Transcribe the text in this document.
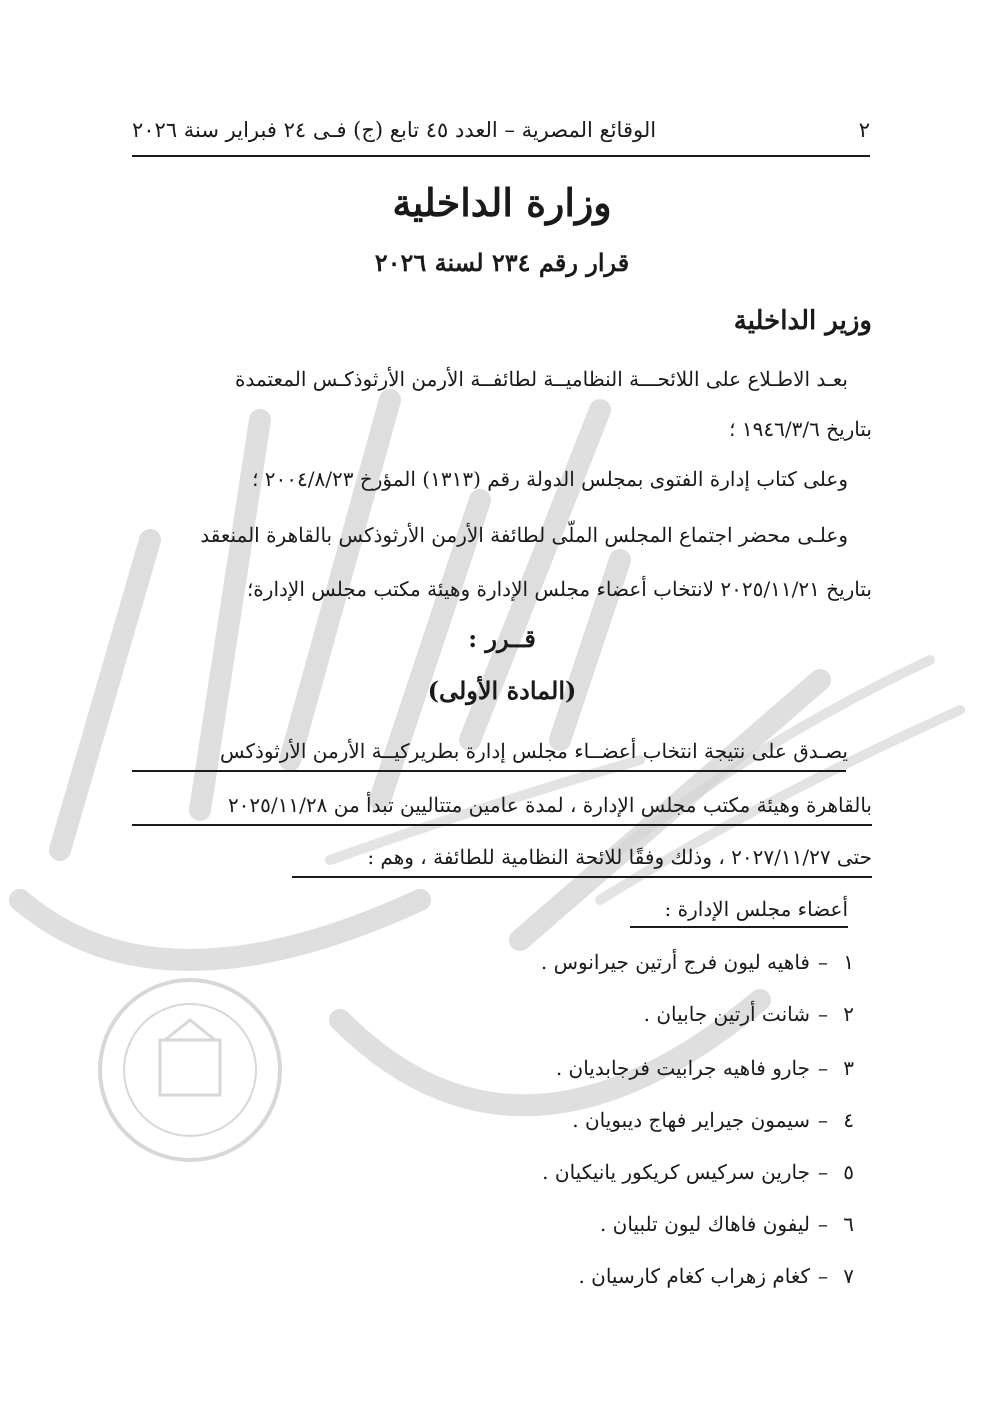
٢
الوقائع المصرية – العدد ٤٥ تابع (ج) فـى ٢٤ فبراير سنة ٢٠٢٦
وزارة الداخلية
قرار رقم ٢٣٤ لسنة ٢٠٢٦
وزير الداخلية
بعـد الاطـلاع على اللائحـــة النظاميــة لطائفــة الأرمن الأرثوذكـس المعتمدة
بتاريخ ١٩٤٦/٣/٦ ؛
وعلى كتاب إدارة الفتوى بمجلس الدولة رقم (١٣١٣) المؤرخ ٢٠٠٤/٨/٢٣ ؛
وعلـى محضر اجتماع المجلس الملّى لطائفة الأرمن الأرثوذكس بالقاهرة المنعقد
بتاريخ ٢٠٢٥/١١/٢١ لانتخاب أعضاء مجلس الإدارة وهيئة مكتب مجلس الإدارة؛
قــرر :
(المادة الأولى)
يصـدق على نتيجة انتخاب أعضــاء مجلس إدارة بطريركيــة الأرمن الأرثوذكس
بالقاهرة وهيئة مكتب مجلس الإدارة ، لمدة عامين متتاليين تبدأ من ٢٠٢٥/١١/٢٨
حتى ٢٠٢٧/١١/٢٧ ، وذلك وفقًا للائحة النظامية للطائفة ، وهم :
أعضاء مجلس الإدارة :
١–فاهيه ليون فرج أرتين جيرانوس .
٢–شانت أرتين جابيان .
٣–جارو فاهيه جرابيت فرجابديان .
٤–سيمون جيراير فهاج ديبويان .
٥–جارين سركيس كريكور يانيكيان .
٦–ليفون فاهاك ليون تلبيان .
٧–كغام زهراب كغام كارسيان .
